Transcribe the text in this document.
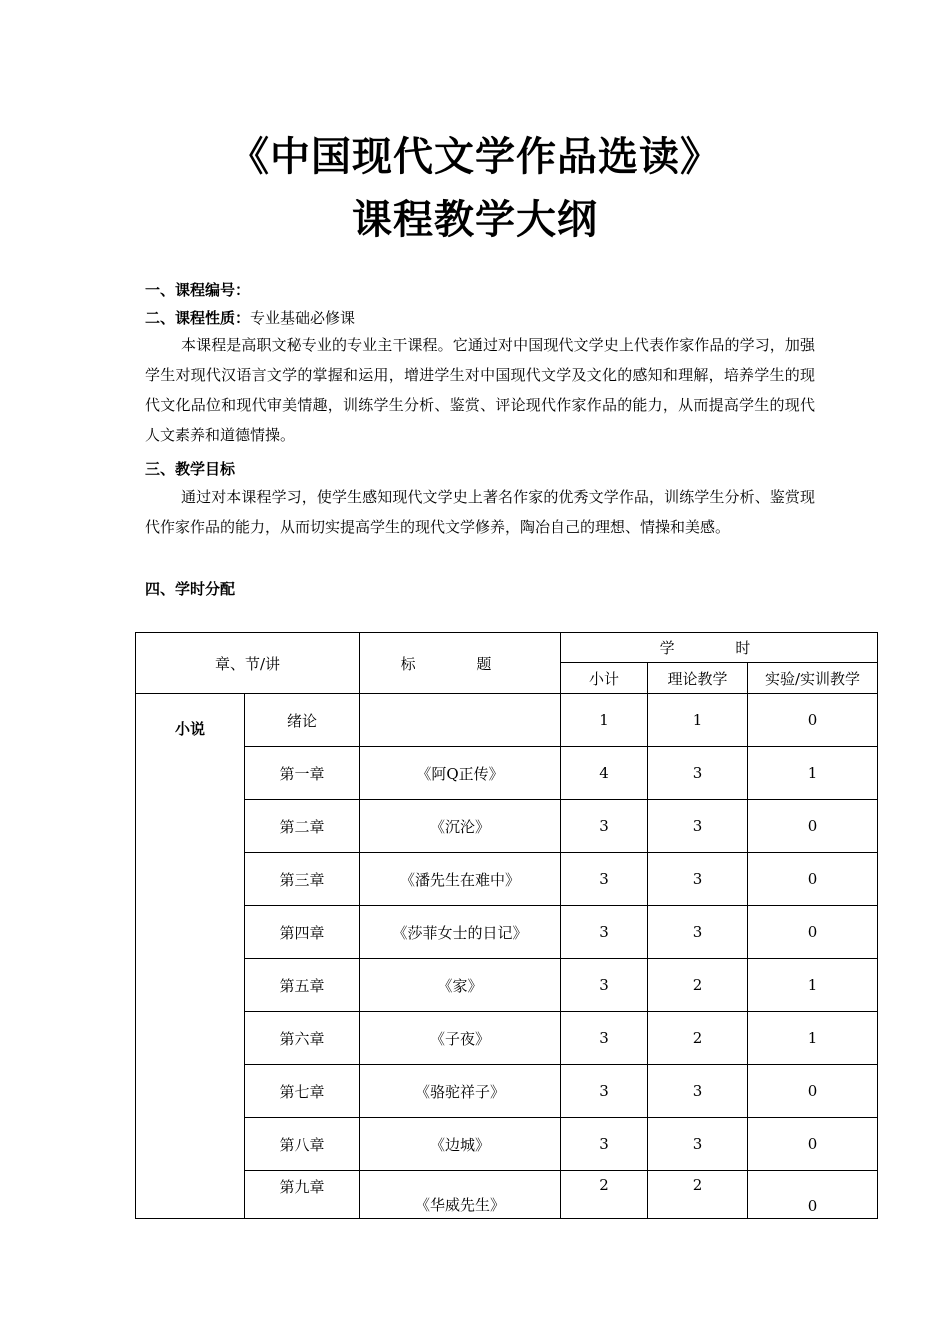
《中国现代文学作品选读》
课程教学大纲
一、课程编号：
二、课程性质：专业基础必修课
本课程是高职文秘专业的专业主干课程。它通过对中国现代文学史上代表作家作品的学习，加强学生对现代汉语言文学的掌握和运用，增进学生对中国现代文学及文化的感知和理解，培养学生的现代文化品位和现代审美情趣，训练学生分析、鉴赏、评论现代作家作品的能力，从而提高学生的现代人文素养和道德情操。
三、教学目标
通过对本课程学习，使学生感知现代文学史上著名作家的优秀文学作品，训练学生分析、鉴赏现代作家作品的能力，从而切实提高学生的现代文学修养，陶冶自己的理想、情操和美感。
四、学时分配
章、节/讲		标 题	学 时		
			小计	理论教学	实验/实训教学
小说	绪论		1	1	0
	第一章	《阿Q正传》	4	3	1
	第二章	《沉沦》	3	3	0
	第三章	《潘先生在难中》	3	3	0
	第四章	《莎菲女士的日记》	3	3	0
	第五章	《家》	3	2	1
	第六章	《子夜》	3	2	1
	第七章	《骆驼祥子》	3	3	0
	第八章	《边城》	3	3	0
	第九章	《华威先生》	2	2	0
